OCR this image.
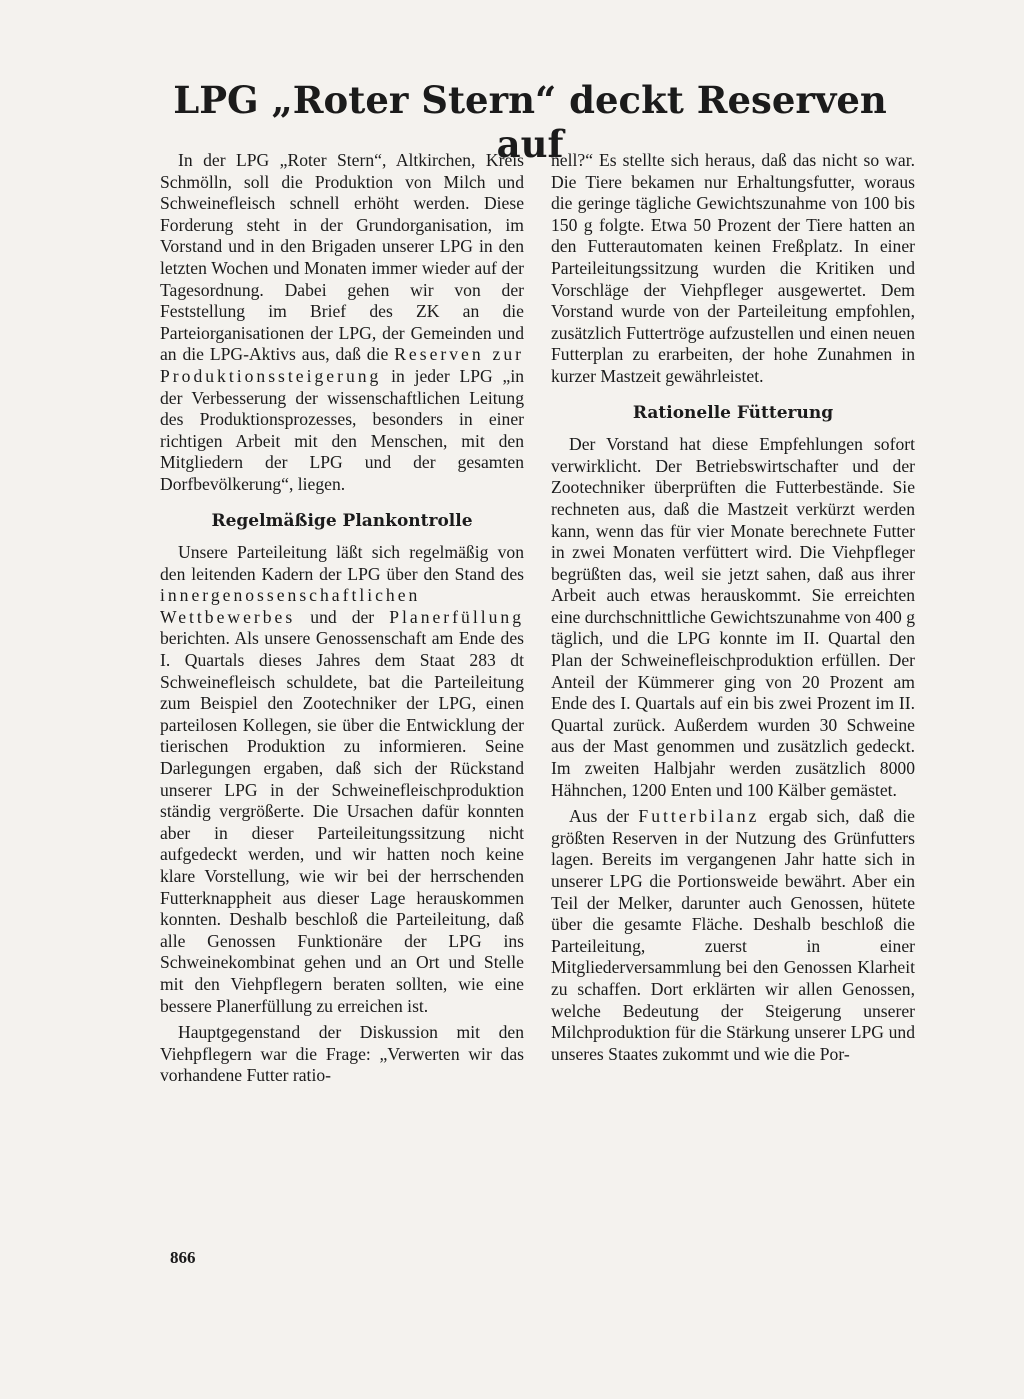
LPG „Roter Stern“ deckt Reserven auf

In der LPG „Roter Stern“, Altkirchen, Kreis Schmölln, soll die Produktion von Milch und Schweinefleisch schnell erhöht werden. Diese Forderung steht in der Grundorganisation, im Vorstand und in den Brigaden unserer LPG in den letzten Wochen und Monaten immer wieder auf der Tagesordnung. Dabei gehen wir von der Feststellung im Brief des ZK an die Parteiorganisationen der LPG, der Gemeinden und an die LPG-Aktivs aus, daß die Reserven zur Produktionssteigerung in jeder LPG „in der Verbesserung der wissenschaftlichen Leitung des Produktionsprozesses, besonders in einer richtigen Arbeit mit den Menschen, mit den Mitgliedern der LPG und der gesamten Dorfbevölkerung“, liegen.

Regelmäßige Plankontrolle

Unsere Parteileitung läßt sich regelmäßig von den leitenden Kadern der LPG über den Stand des innergenossenschaftlichen Wettbewerbes und der Planerfüllung berichten. Als unsere Genossenschaft am Ende des I. Quartals dieses Jahres dem Staat 283 dt Schweinefleisch schuldete, bat die Parteileitung zum Beispiel den Zootechniker der LPG, einen parteilosen Kollegen, sie über die Entwicklung der tierischen Produktion zu informieren. Seine Darlegungen ergaben, daß sich der Rückstand unserer LPG in der Schweinefleischproduktion ständig vergrößerte. Die Ursachen dafür konnten aber in dieser Parteileitungssitzung nicht aufgedeckt werden, und wir hatten noch keine klare Vorstellung, wie wir bei der herrschenden Futterknappheit aus dieser Lage herauskommen konnten. Deshalb beschloß die Parteileitung, daß alle Genossen Funktionäre der LPG ins Schweinekombinat gehen und an Ort und Stelle mit den Viehpflegern beraten sollten, wie eine bessere Planerfüllung zu erreichen ist.

Hauptgegenstand der Diskussion mit den Viehpflegern war die Frage: „Verwerten wir das vorhandene Futter ratio-

nell?“ Es stellte sich heraus, daß das nicht so war. Die Tiere bekamen nur Erhaltungsfutter, woraus die geringe tägliche Gewichtszunahme von 100 bis 150 g folgte. Etwa 50 Prozent der Tiere hatten an den Futterautomaten keinen Freßplatz. In einer Parteileitungssitzung wurden die Kritiken und Vorschläge der Viehpfleger ausgewertet. Dem Vorstand wurde von der Parteileitung empfohlen, zusätzlich Futtertröge aufzustellen und einen neuen Futterplan zu erarbeiten, der hohe Zunahmen in kurzer Mastzeit gewährleistet.

Rationelle Fütterung

Der Vorstand hat diese Empfehlungen sofort verwirklicht. Der Betriebswirtschafter und der Zootechniker überprüften die Futterbestände. Sie rechneten aus, daß die Mastzeit verkürzt werden kann, wenn das für vier Monate berechnete Futter in zwei Monaten verfüttert wird. Die Viehpfleger begrüßten das, weil sie jetzt sahen, daß aus ihrer Arbeit auch etwas herauskommt. Sie erreichten eine durchschnittliche Gewichtszunahme von 400 g täglich, und die LPG konnte im II. Quartal den Plan der Schweinefleischproduktion erfüllen. Der Anteil der Kümmerer ging von 20 Prozent am Ende des I. Quartals auf ein bis zwei Prozent im II. Quartal zurück. Außerdem wurden 30 Schweine aus der Mast genommen und zusätzlich gedeckt. Im zweiten Halbjahr werden zusätzlich 8000 Hähnchen, 1200 Enten und 100 Kälber gemästet.

Aus der Futterbilanz ergab sich, daß die größten Reserven in der Nutzung des Grünfutters lagen. Bereits im vergangenen Jahr hatte sich in unserer LPG die Portionsweide bewährt. Aber ein Teil der Melker, darunter auch Genossen, hütete über die gesamte Fläche. Deshalb beschloß die Parteileitung, zuerst in einer Mitgliederversammlung bei den Genossen Klarheit zu schaffen. Dort erklärten wir allen Genossen, welche Bedeutung der Steigerung unserer Milchproduktion für die Stärkung unserer LPG und unseres Staates zukommt und wie die Por-

866
